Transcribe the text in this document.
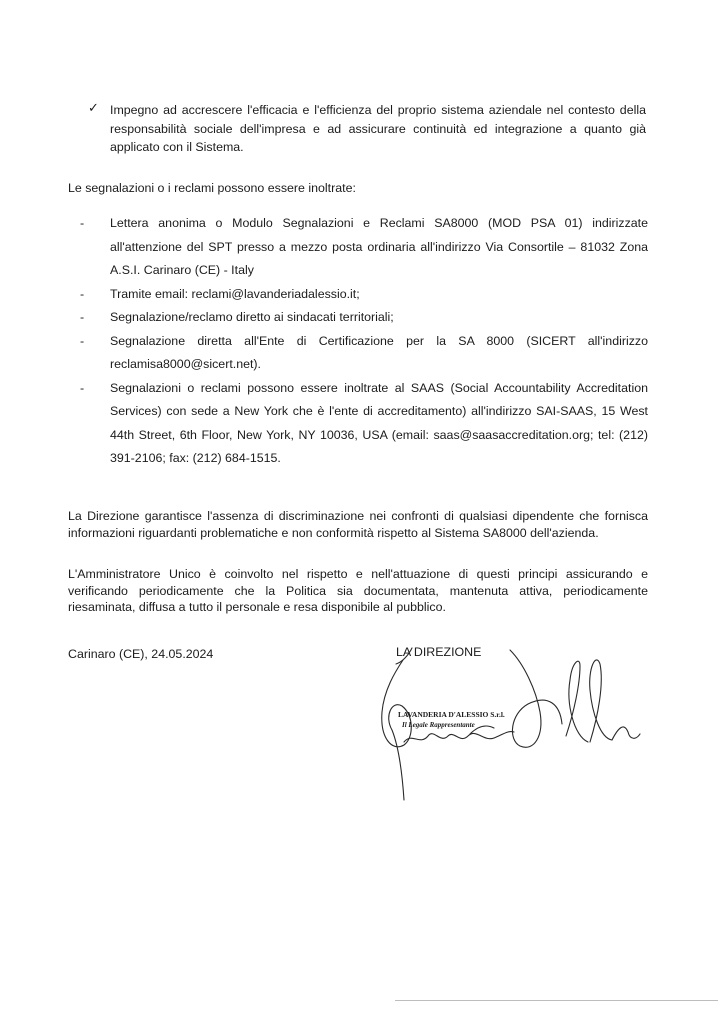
✓ Impegno ad accrescere l'efficacia e l'efficienza del proprio sistema aziendale nel contesto della responsabilità sociale dell'impresa e ad assicurare continuità ed integrazione a quanto già applicato con il Sistema.
Le segnalazioni o i reclami possono essere inoltrate:
- Lettera anonima o Modulo Segnalazioni e Reclami SA8000 (MOD PSA 01) indirizzate all'attenzione del SPT presso a mezzo posta ordinaria all'indirizzo Via Consortile – 81032 Zona A.S.I. Carinaro (CE) - Italy
- Tramite email: reclami@lavanderiadalessio.it;
- Segnalazione/reclamo diretto ai sindacati territoriali;
- Segnalazione diretta all'Ente di Certificazione per la SA 8000 (SICERT all'indirizzo reclamisa8000@sicert.net).
- Segnalazioni o reclami possono essere inoltrate al SAAS (Social Accountability Accreditation Services) con sede a New York che è l'ente di accreditamento) all'indirizzo SAI-SAAS, 15 West 44th Street, 6th Floor, New York, NY 10036, USA (email: saas@saasaccreditation.org; tel: (212) 391-2106; fax: (212) 684-1515.
La Direzione garantisce l'assenza di discriminazione nei confronti di qualsiasi dipendente che fornisca informazioni riguardanti problematiche e non conformità rispetto al Sistema SA8000 dell'azienda.
L'Amministratore Unico è coinvolto nel rispetto e nell'attuazione di questi principi assicurando e verificando periodicamente che la Politica sia documentata, mantenuta attiva, periodicamente riesaminata, diffusa a tutto il personale e resa disponibile al pubblico.
Carinaro (CE), 24.05.2024	LA DIREZIONE
LAVANDERIA D'ALESSIO S.r.l.
Il Legale Rappresentante
